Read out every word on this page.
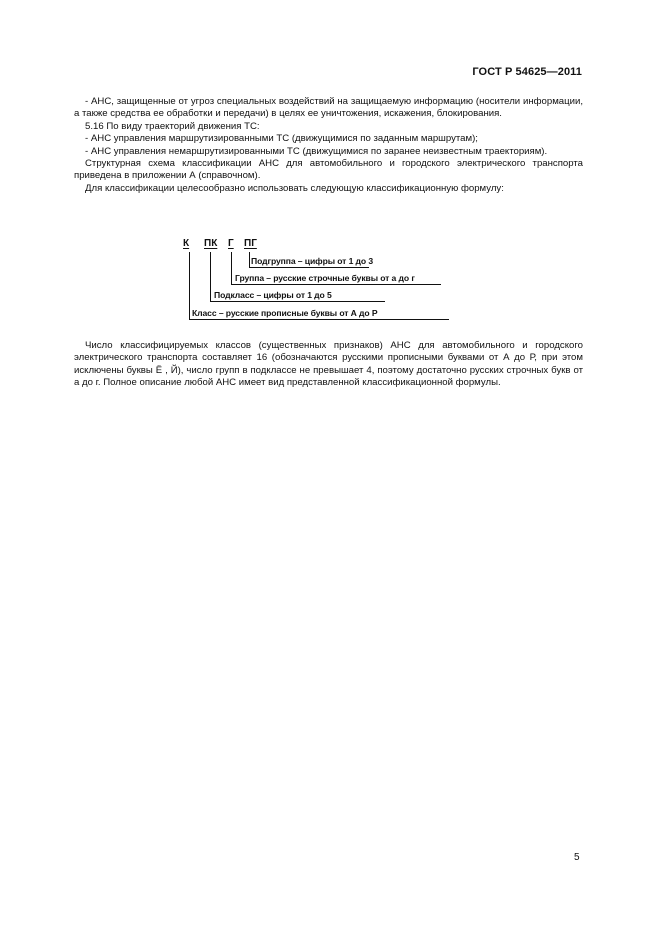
ГОСТ Р 54625—2011

- АНС, защищенные от угроз специальных воздействий на защищаемую информацию (носители информации, а также средства ее обработки и передачи) в целях ее уничтожения, искажения, блокирования.

5.16 По виду траекторий движения ТС:

- АНС управления маршрутизированными ТС (движущимися по заданным маршрутам);

- АНС управления немаршрутизированными ТС (движущимися по заранее неизвестным траекториям).

Структурная схема классификации АНС для автомобильного и городского электрического транспорта приведена в приложении А (справочном).

Для классификации целесообразно использовать следующую классификационную формулу:

К ПК Г ПГ
Подгруппа – цифры от 1 до 3
Группа – русские строчные буквы от а до г
Подкласс – цифры от 1 до 5
Класс – русские прописные буквы от А до Р

Число классифицируемых классов (существенных признаков) АНС для автомобильного и городского электрического транспорта составляет 16 (обозначаются русскими прописными буквами от А до Р, при этом исключены буквы Ё , Й), число групп в подклассе не превышает 4, поэтому достаточно русских строчных букв от а до г. Полное описание любой АНС имеет вид представленной классификационной формулы.

5
